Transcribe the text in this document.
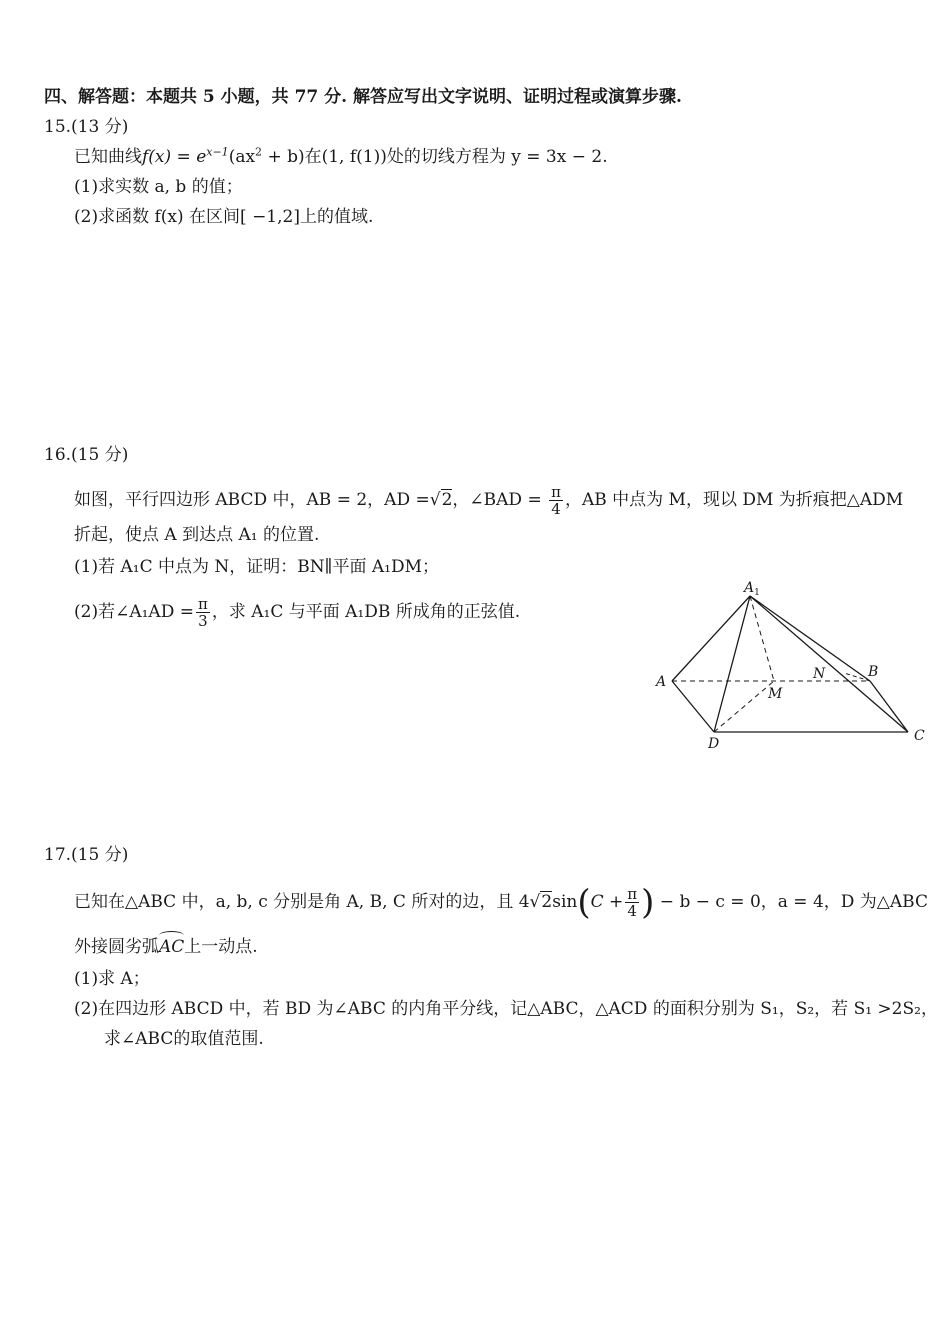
四、解答题：本题共 5 小题，共 77 分. 解答应写出文字说明、证明过程或演算步骤.
15.(13 分)
已知曲线$f(x) = e^{x-1}(ax^2 + b)$在(1, f(1))处的切线方程为 y = 3x − 2.
(1)求实数 a, b 的值；
(2)求函数 f(x) 在区间[ −1,2]上的值域.
16.(15 分)
如图，平行四边形 ABCD 中，AB = 2，AD =√2，∠BAD = $\frac{\pi}{4}$ ，AB 中点为 M，现以 DM 为折痕把△ADM
折起，使点 A 到达点 A₁ 的位置.
(1)若 A₁C 中点为 N，证明：BN∥平面 A₁DM；
(2)若∠A₁AD = $\frac{\pi}{3}$ ，求 A₁C 与平面 A₁DB 所成角的正弦值.
$A_1$
A
M
N	B
D	C
17.(15 分)
已知在△ABC 中，a, b, c 分别是角 A, B, C 所对的边，且 $4√2\sin(C + \frac{\pi}{4}$ ) − b − c = 0，a = 4，D 为△ABC
外接圆劣弧AC上一动点.
(1)求 A；
(2)在四边形 ABCD 中，若 BD 为∠ABC 的内角平分线，记△ABC，△ACD 的面积分别为 S₁，S₂，若 S₁ >2S₂，
求∠ABC的取值范围.
